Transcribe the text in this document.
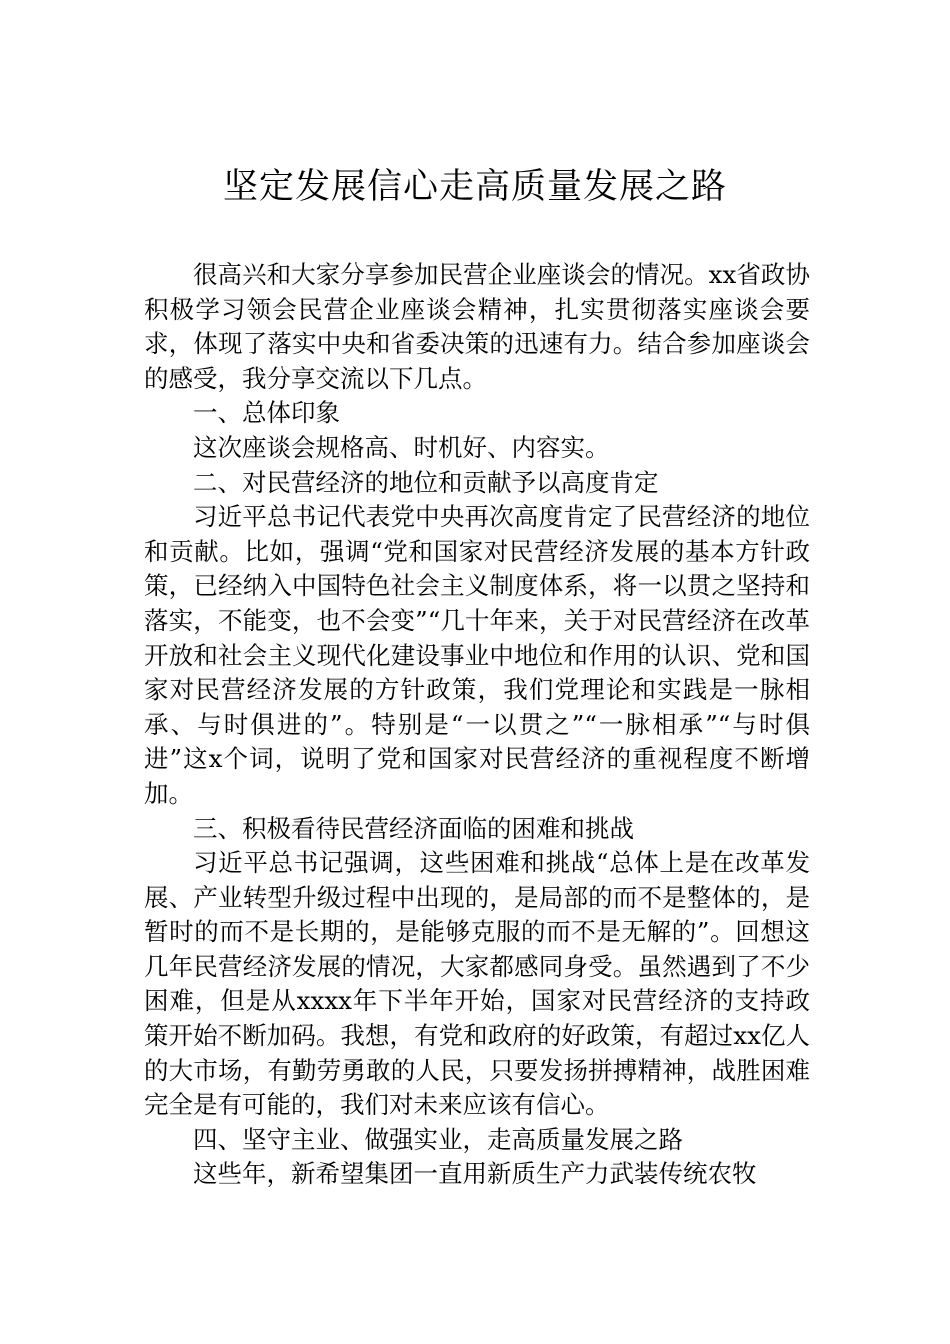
坚定发展信心走高质量发展之路

很高兴和大家分享参加民营企业座谈会的情况。xx省政协积极学习领会民营企业座谈会精神，扎实贯彻落实座谈会要求，体现了落实中央和省委决策的迅速有力。结合参加座谈会的感受，我分享交流以下几点。

一、总体印象

这次座谈会规格高、时机好、内容实。

二、对民营经济的地位和贡献予以高度肯定

习近平总书记代表党中央再次高度肯定了民营经济的地位和贡献。比如，强调“党和国家对民营经济发展的基本方针政策，已经纳入中国特色社会主义制度体系，将一以贯之坚持和落实，不能变，也不会变”“几十年来，关于对民营经济在改革开放和社会主义现代化建设事业中地位和作用的认识、党和国家对民营经济发展的方针政策，我们党理论和实践是一脉相承、与时俱进的”。特别是“一以贯之”“一脉相承”“与时俱进”这x个词，说明了党和国家对民营经济的重视程度不断增加。

三、积极看待民营经济面临的困难和挑战

习近平总书记强调，这些困难和挑战“总体上是在改革发展、产业转型升级过程中出现的，是局部的而不是整体的，是暂时的而不是长期的，是能够克服的而不是无解的”。回想这几年民营经济发展的情况，大家都感同身受。虽然遇到了不少困难，但是从xxxx年下半年开始，国家对民营经济的支持政策开始不断加码。我想，有党和政府的好政策，有超过xx亿人的大市场，有勤劳勇敢的人民，只要发扬拼搏精神，战胜困难完全是有可能的，我们对未来应该有信心。

四、坚守主业、做强实业，走高质量发展之路

这些年，新希望集团一直用新质生产力武装传统农牧
